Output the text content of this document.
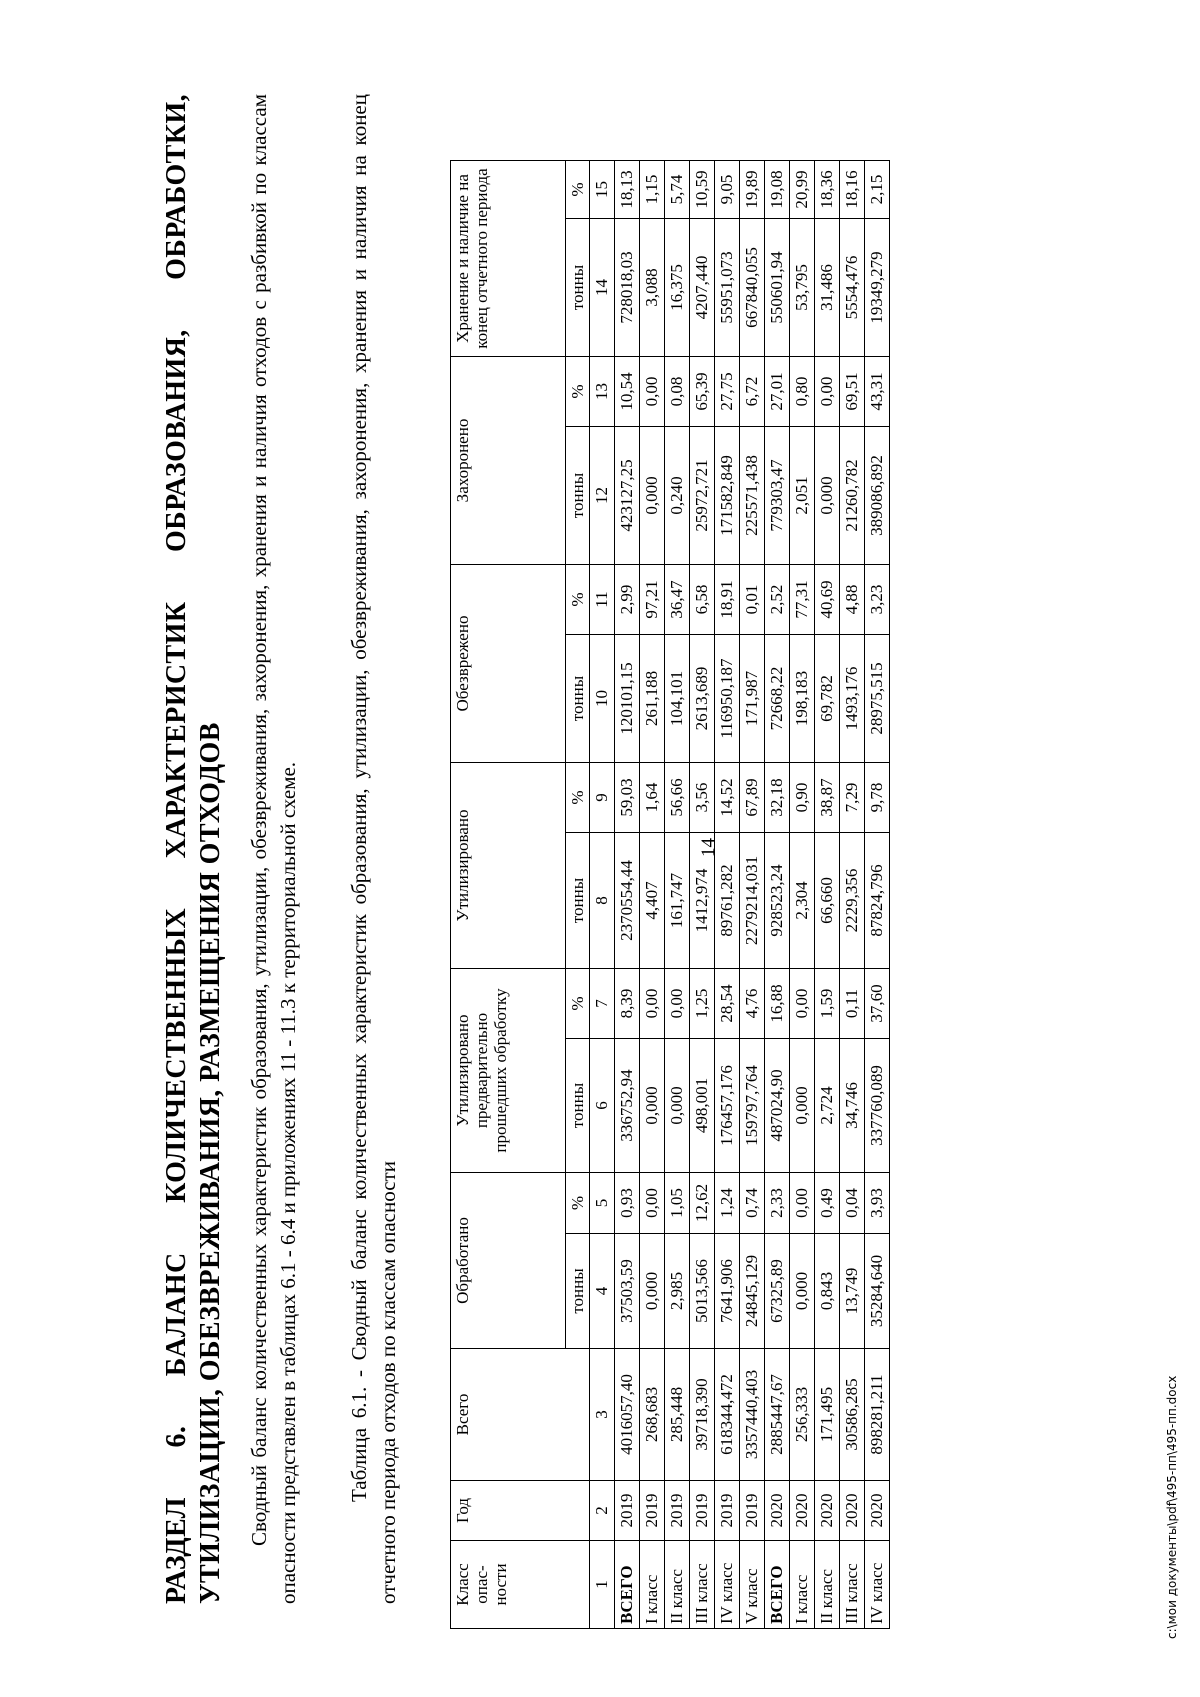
14
РАЗДЕЛ 6. БАЛАНС КОЛИЧЕСТВЕННЫХ ХАРАКТЕРИСТИК ОБРАЗОВАНИЯ, ОБРАБОТКИ, УТИЛИЗАЦИИ, ОБЕЗВРЕЖИВАНИЯ, РАЗМЕЩЕНИЯ ОТХОДОВ Сводный баланс количественных характеристик образования, утилизации, обезвреживания, захоронения, хранения и наличия отходов с разбивкой по классам опасности представлен в таблицах 6.1 - 6.4 и приложениях 11 - 11.3 к территориальной схеме. Таблица 6.1. - Сводный баланс количественных характеристик образования, утилизации, обезвреживания, захоронения, хранения и наличия на конец отчетного периода отходов по классам опасности	Класс опас-ности	Год	Всего	Обработано		Утилизировано предварительно прошедших обработку		Утилизировано		Обезврежено		Захоронено		Хранение и наличие на конец отчетного периода	
			тонны	%	тонны	%	тонны	%	тонны	%	тонны	%	тонны	%
1	2	3	4	5	6	7	8	9	10	11	12	13	14	15
ВСЕГО	2019	4016057,40	37503,59	0,93	336752,94	8,39	2370554,44	59,03	120101,15	2,99	423127,25	10,54	728018,03	18,13
I класс	2019	268,683	0,000	0,00	0,000	0,00	4,407	1,64	261,188	97,21	0,000	0,00	3,088	1,15
II класс	2019	285,448	2,985	1,05	0,000	0,00	161,747	56,66	104,101	36,47	0,240	0,08	16,375	5,74
III класс	2019	39718,390	5013,566	12,62	498,001	1,25	1412,974	3,56	2613,689	6,58	25972,721	65,39	4207,440	10,59
IV класс	2019	618344,472	7641,906	1,24	176457,176	28,54	89761,282	14,52	116950,187	18,91	171582,849	27,75	55951,073	9,05
V класс	2019	3357440,403	24845,129	0,74	159797,764	4,76	2279214,031	67,89	171,987	0,01	225571,438	6,72	667840,055	19,89
ВСЕГО	2020	2885447,67	67325,89	2,33	487024,90	16,88	928523,24	32,18	72668,22	2,52	779303,47	27,01	550601,94	19,08
I класс	2020	256,333	0,000	0,00	0,000	0,00	2,304	0,90	198,183	77,31	2,051	0,80	53,795	20,99
II класс	2020	171,495	0,843	0,49	2,724	1,59	66,660	38,87	69,782	40,69	0,000	0,00	31,486	18,36
III класс	2020	30586,285	13,749	0,04	34,746	0,11	2229,356	7,29	1493,176	4,88	21260,782	69,51	5554,476	18,16
IV класс	2020	898281,211	35284,640	3,93	337760,089	37,60	87824,796	9,78	28975,515	3,23	389086,892	43,31	19349,279	2,15
c:\мои документы\pdf\495-пп\495-пп.docx
